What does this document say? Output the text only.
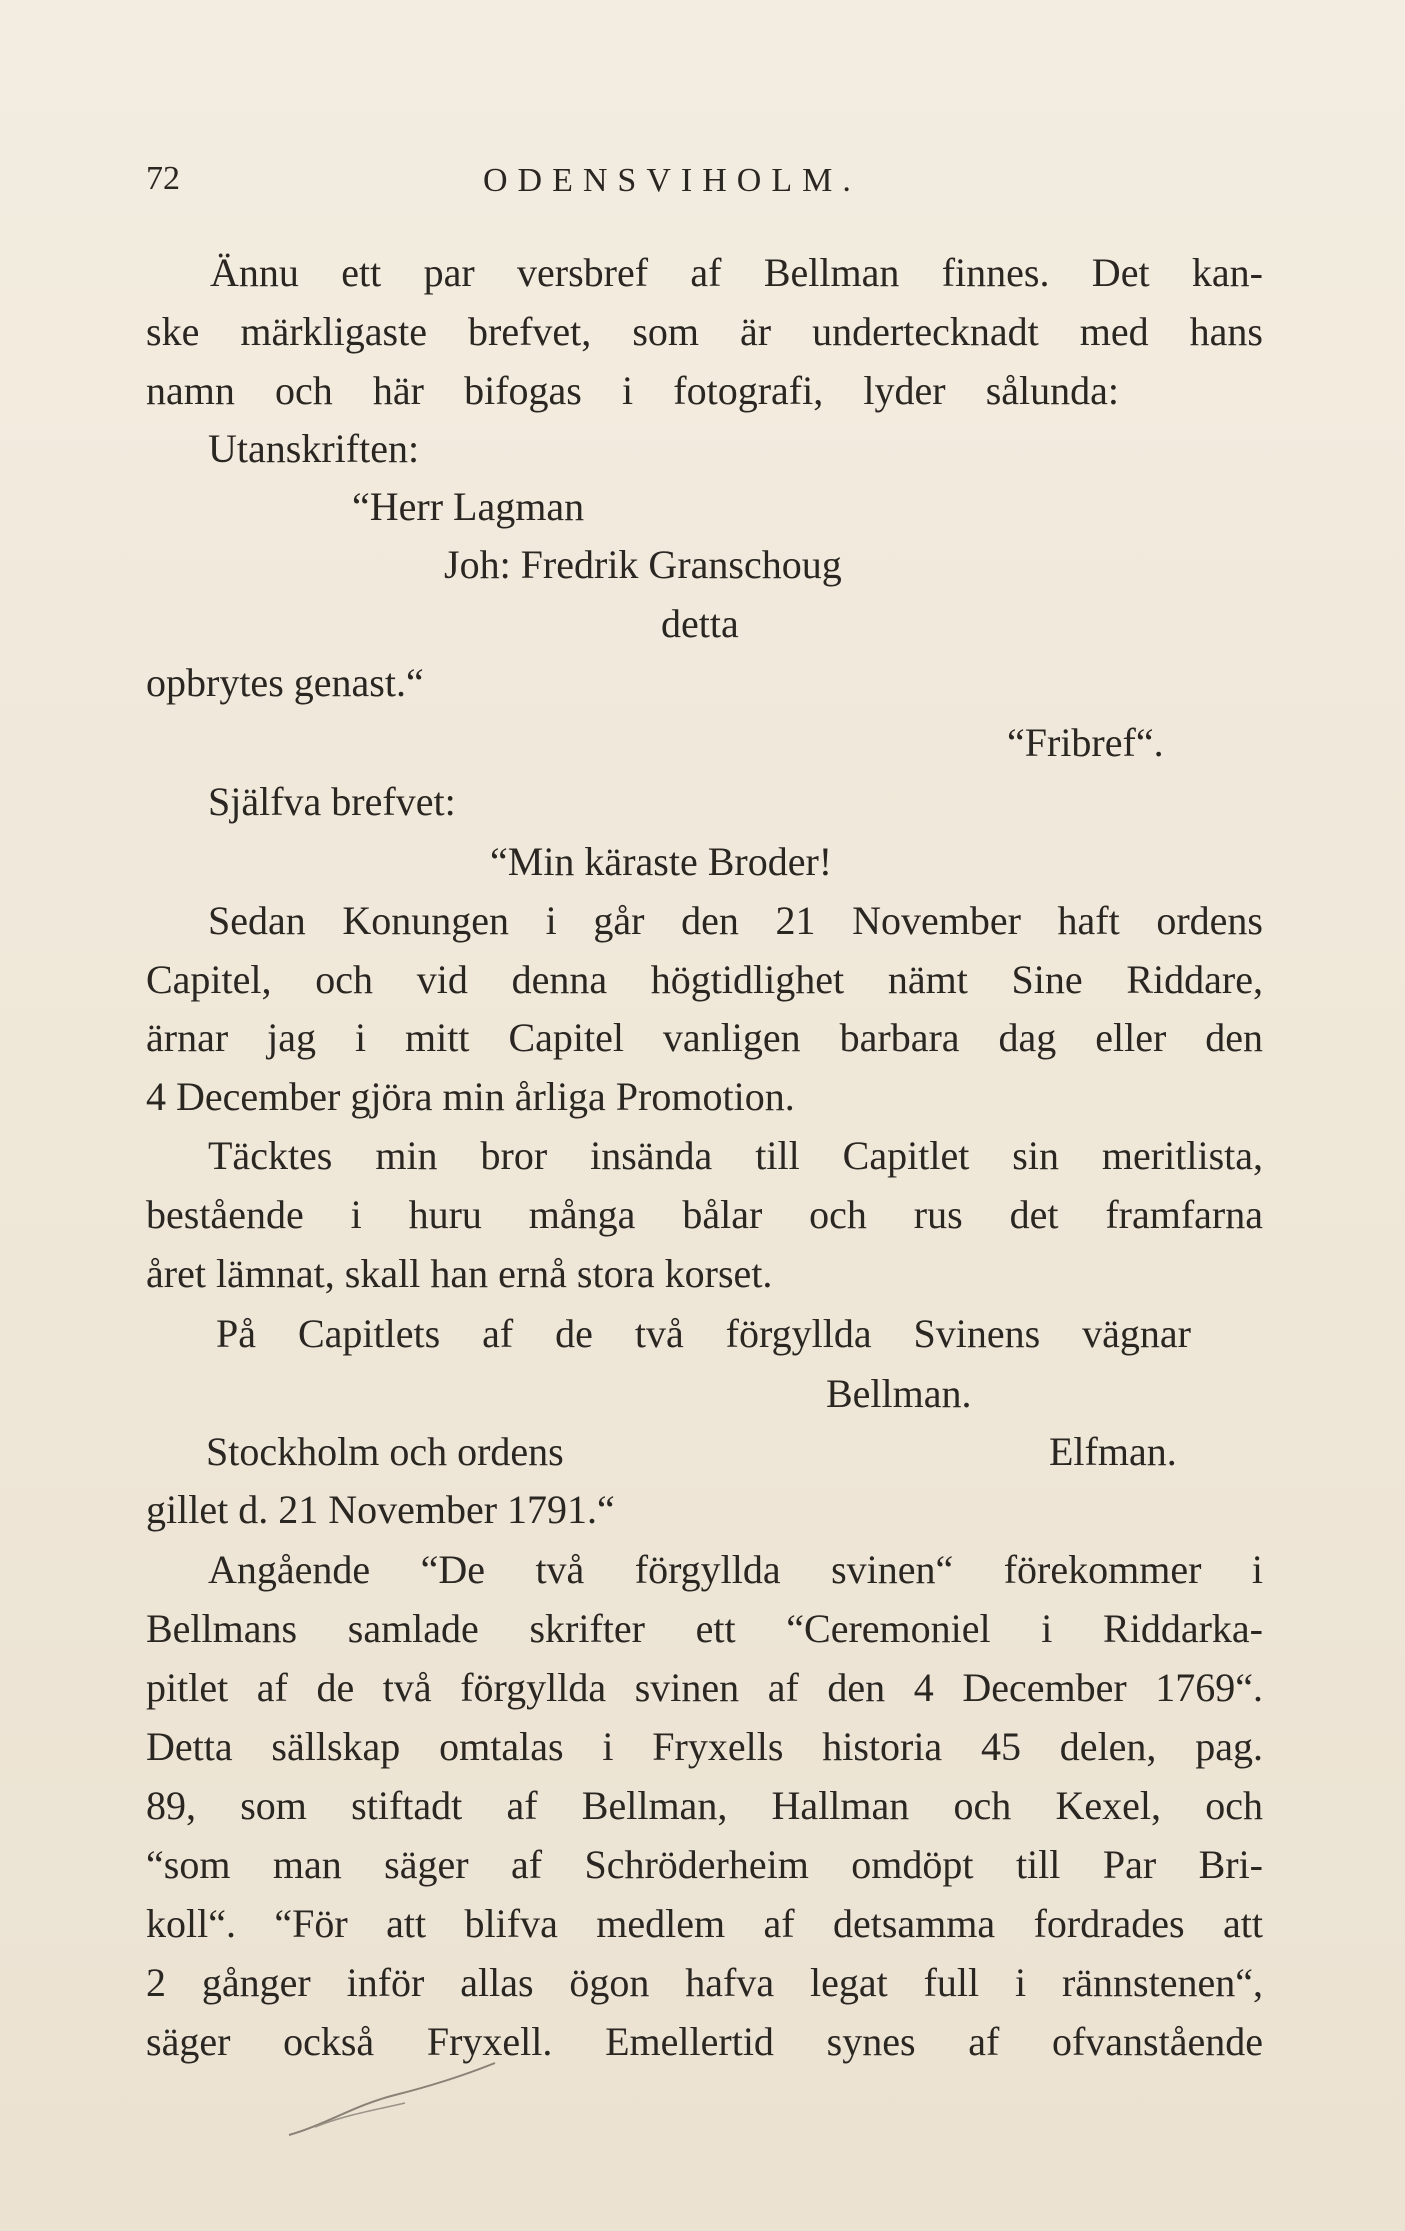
72	ODENSVIHOLM.
Ännu ett par versbref af Bellman finnes. Det kan-
ske märkligaste brefvet, som är undertecknadt med hans
namn och här bifogas i fotografi, lyder sålunda:
Utanskriften:
“Herr Lagman
Joh: Fredrik Granschoug
detta
opbrytes genast.“
“Fribref“.
Själfva brefvet:
“Min käraste Broder!
Sedan Konungen i går den 21 November haft ordens
Capitel, och vid denna högtidlighet nämt Sine Riddare,
ärnar jag i mitt Capitel vanligen barbara dag eller den
4 December gjöra min årliga Promotion.
Täcktes min bror insända till Capitlet sin meritlista,
bestående i huru många bålar och rus det framfarna
året lämnat, skall han ernå stora korset.
På Capitlets af de två förgyllda Svinens vägnar
Bellman.
Stockholm och ordens	Elfman.
gillet d. 21 November 1791.“
Angående “De två förgyllda svinen“ förekommer i
Bellmans samlade skrifter ett “Ceremoniel i Riddarka-
pitlet af de två förgyllda svinen af den 4 December 1769“.
Detta sällskap omtalas i Fryxells historia 45 delen, pag.
89, som stiftadt af Bellman, Hallman och Kexel, och
“som man säger af Schröderheim omdöpt till Par Bri-
koll“. “För att blifva medlem af detsamma fordrades att
2 gånger inför allas ögon hafva legat full i rännstenen“,
säger också Fryxell. Emellertid synes af ofvanstående
